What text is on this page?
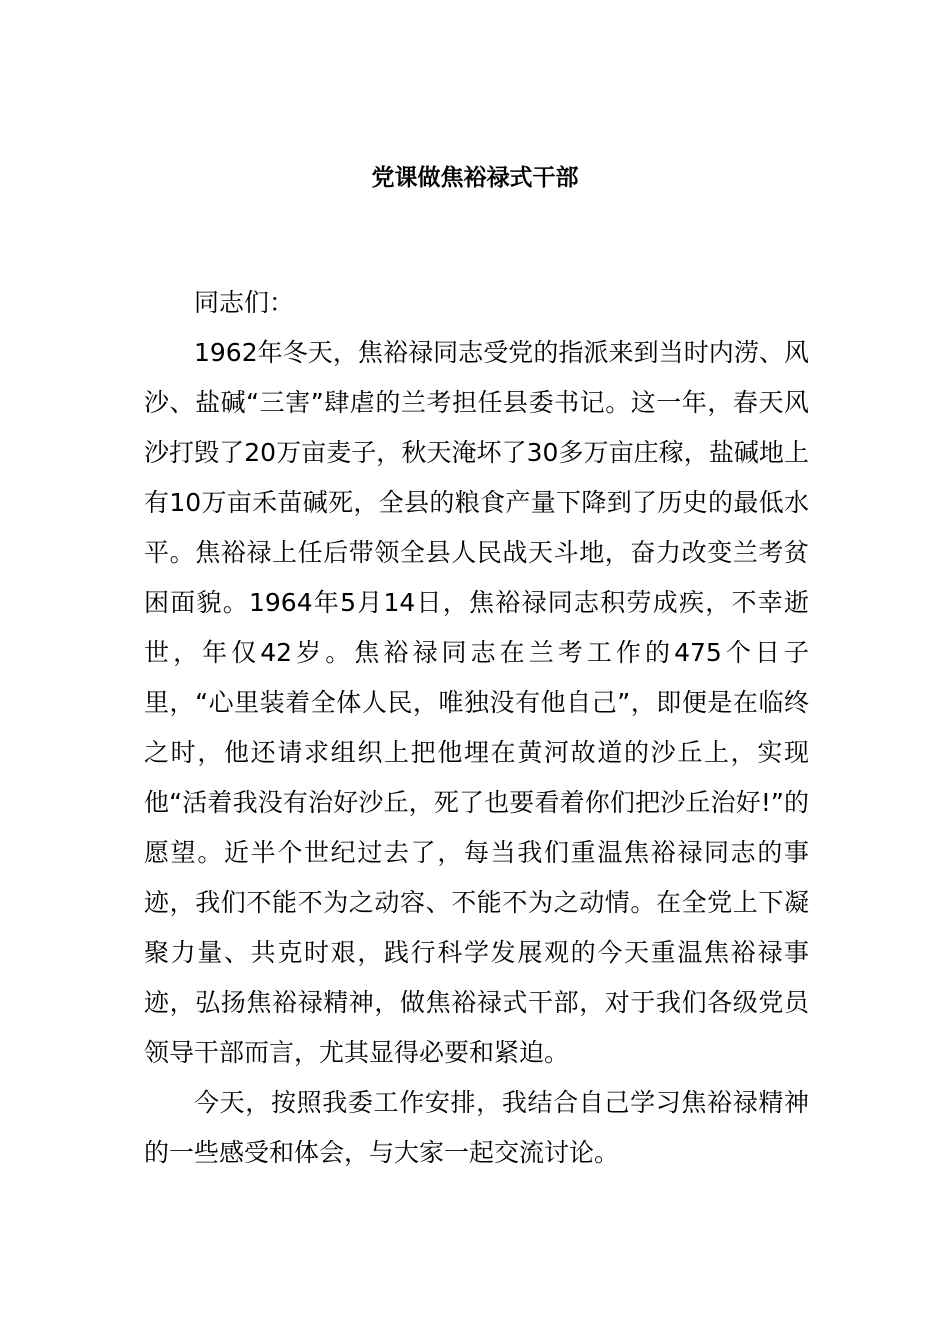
党课做焦裕禄式干部

同志们：

1962年冬天，焦裕禄同志受党的指派来到当时内涝、风沙、盐碱“三害”肆虐的兰考担任县委书记。这一年，春天风沙打毁了20万亩麦子，秋天淹坏了30多万亩庄稼，盐碱地上有10万亩禾苗碱死，全县的粮食产量下降到了历史的最低水平。焦裕禄上任后带领全县人民战天斗地，奋力改变兰考贫困面貌。1964年5月14日，焦裕禄同志积劳成疾，不幸逝世，年仅42岁。焦裕禄同志在兰考工作的475个日子里，“心里装着全体人民，唯独没有他自己”，即便是在临终之时，他还请求组织上把他埋在黄河故道的沙丘上，实现他“活着我没有治好沙丘，死了也要看着你们把沙丘治好!”的愿望。近半个世纪过去了，每当我们重温焦裕禄同志的事迹，我们不能不为之动容、不能不为之动情。在全党上下凝聚力量、共克时艰，践行科学发展观的今天重温焦裕禄事迹，弘扬焦裕禄精神，做焦裕禄式干部，对于我们各级党员领导干部而言，尤其显得必要和紧迫。

今天，按照我委工作安排，我结合自己学习焦裕禄精神的一些感受和体会，与大家一起交流讨论。
